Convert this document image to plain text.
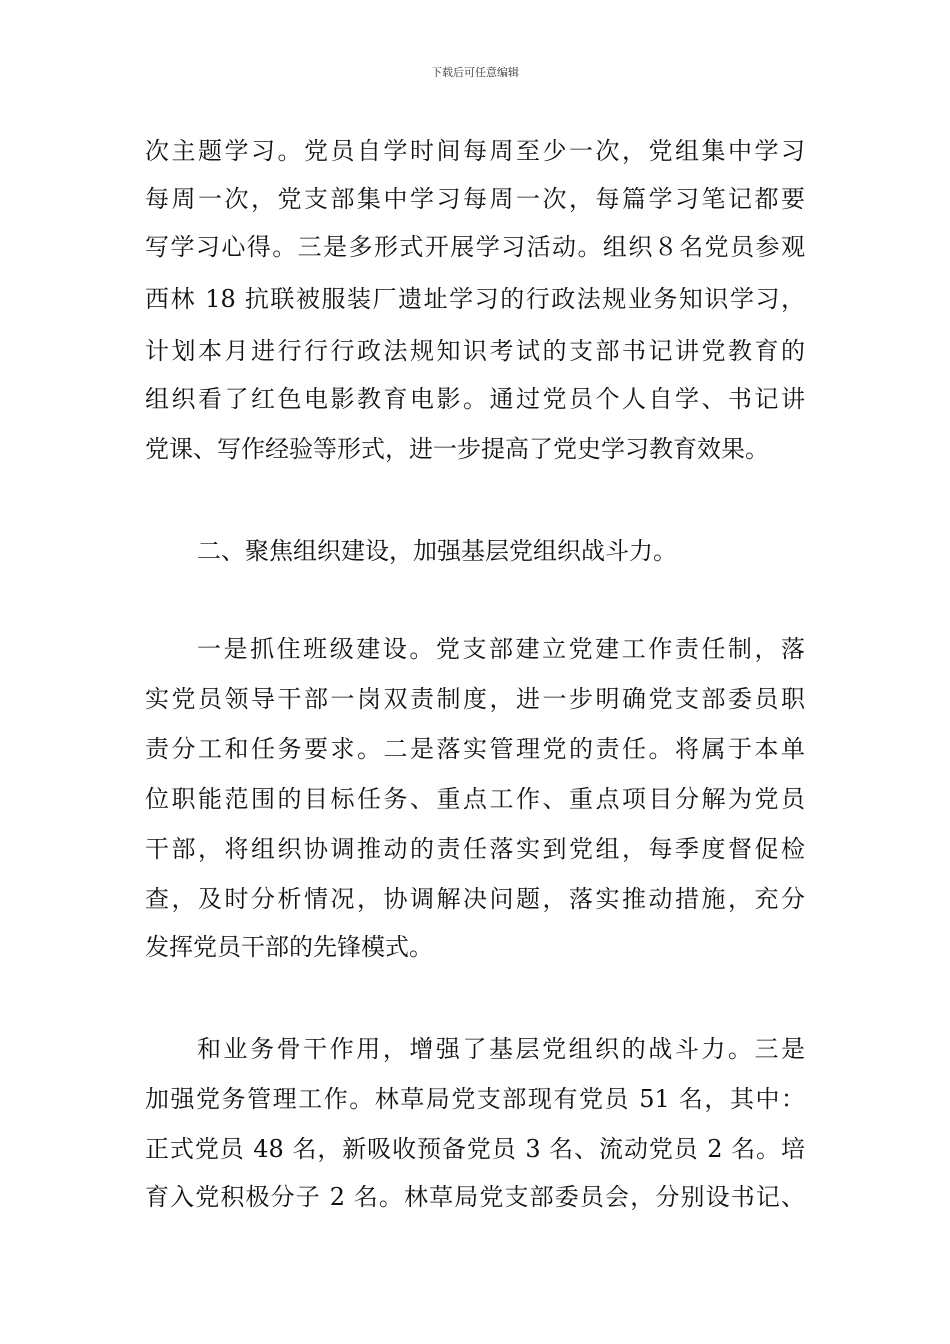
下载后可任意编辑
次主题学习。党员自学时间每周至少一次，党组集中学习
每周一次，党支部集中学习每周一次，每篇学习笔记都要
写学习心得。三是多形式开展学习活动。组织８名党员参观
西林 18 抗联被服装厂遗址学习的行政法规业务知识学习，
计划本月进行行行政法规知识考试的支部书记讲党教育的
组织看了红色电影教育电影。通过党员个人自学、书记讲
党课、写作经验等形式，进一步提高了党史学习教育效果。
二、聚焦组织建设，加强基层党组织战斗力。
一是抓住班级建设。党支部建立党建工作责任制，落
实党员领导干部一岗双责制度，进一步明确党支部委员职
责分工和任务要求。二是落实管理党的责任。将属于本单
位职能范围的目标任务、重点工作、重点项目分解为党员
干部，将组织协调推动的责任落实到党组，每季度督促检
查，及时分析情况，协调解决问题，落实推动措施，充分
发挥党员干部的先锋模式。
和业务骨干作用，增强了基层党组织的战斗力。三是
加强党务管理工作。林草局党支部现有党员 51 名，其中：
正式党员 48 名，新吸收预备党员 3 名、流动党员 2 名。培
育入党积极分子 2 名。林草局党支部委员会，分别设书记、
